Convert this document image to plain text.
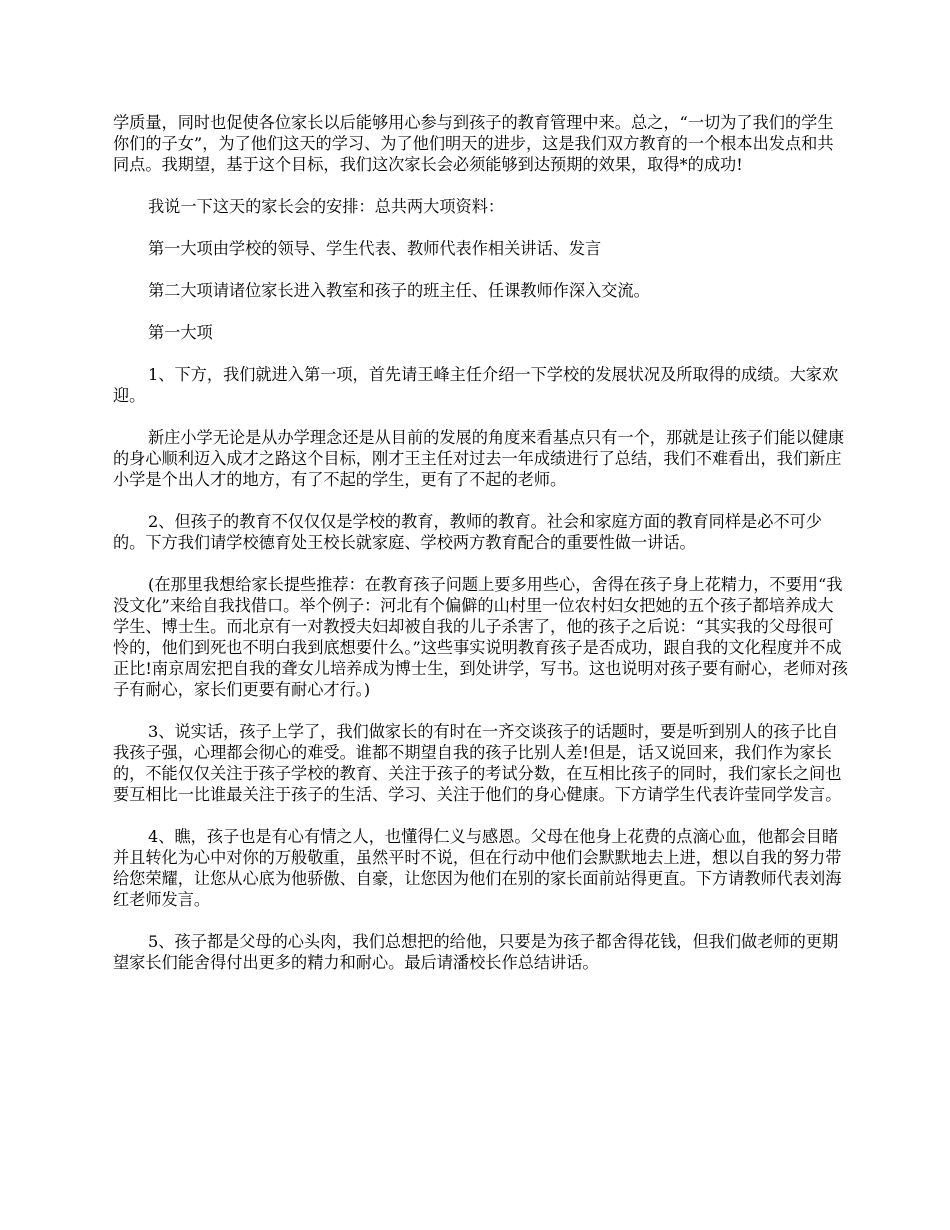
学质量，同时也促使各位家长以后能够用心参与到孩子的教育管理中来。总之，“一切为了我们的学生你们的子女”，为了他们这天的学习、为了他们明天的进步，这是我们双方教育的一个根本出发点和共同点。我期望，基于这个目标，我们这次家长会必须能够到达预期的效果，取得*的成功!

我说一下这天的家长会的安排：总共两大项资料：

第一大项由学校的领导、学生代表、教师代表作相关讲话、发言

第二大项请诸位家长进入教室和孩子的班主任、任课教师作深入交流。

第一大项

1、下方，我们就进入第一项，首先请王峰主任介绍一下学校的发展状况及所取得的成绩。大家欢迎。

新庄小学无论是从办学理念还是从目前的发展的角度来看基点只有一个，那就是让孩子们能以健康的身心顺利迈入成才之路这个目标，刚才王主任对过去一年成绩进行了总结，我们不难看出，我们新庄小学是个出人才的地方，有了不起的学生，更有了不起的老师。

2、但孩子的教育不仅仅仅是学校的教育，教师的教育。社会和家庭方面的教育同样是必不可少的。下方我们请学校德育处王校长就家庭、学校两方教育配合的重要性做一讲话。

(在那里我想给家长提些推荐：在教育孩子问题上要多用些心，舍得在孩子身上花精力，不要用“我没文化”来给自我找借口。举个例子：河北有个偏僻的山村里一位农村妇女把她的五个孩子都培养成大学生、博士生。而北京有一对教授夫妇却被自我的儿子杀害了，他的孩子之后说：“其实我的父母很可怜的，他们到死也不明白我到底想要什么。”这些事实说明教育孩子是否成功，跟自我的文化程度并不成正比!南京周宏把自我的聋女儿培养成为博士生，到处讲学，写书。这也说明对孩子要有耐心，老师对孩子有耐心，家长们更要有耐心才行。)

3、说实话，孩子上学了，我们做家长的有时在一齐交谈孩子的话题时，要是听到别人的孩子比自我孩子强，心理都会彻心的难受。谁都不期望自我的孩子比别人差!但是，话又说回来，我们作为家长的，不能仅仅关注于孩子学校的教育、关注于孩子的考试分数，在互相比孩子的同时，我们家长之间也要互相比一比谁最关注于孩子的生活、学习、关注于他们的身心健康。下方请学生代表许莹同学发言。

4、瞧，孩子也是有心有情之人，也懂得仁义与感恩。父母在他身上花费的点滴心血，他都会目睹并且转化为心中对你的万般敬重，虽然平时不说，但在行动中他们会默默地去上进，想以自我的努力带给您荣耀，让您从心底为他骄傲、自豪，让您因为他们在别的家长面前站得更直。下方请教师代表刘海红老师发言。

5、孩子都是父母的心头肉，我们总想把的给他，只要是为孩子都舍得花钱，但我们做老师的更期望家长们能舍得付出更多的精力和耐心。最后请潘校长作总结讲话。
